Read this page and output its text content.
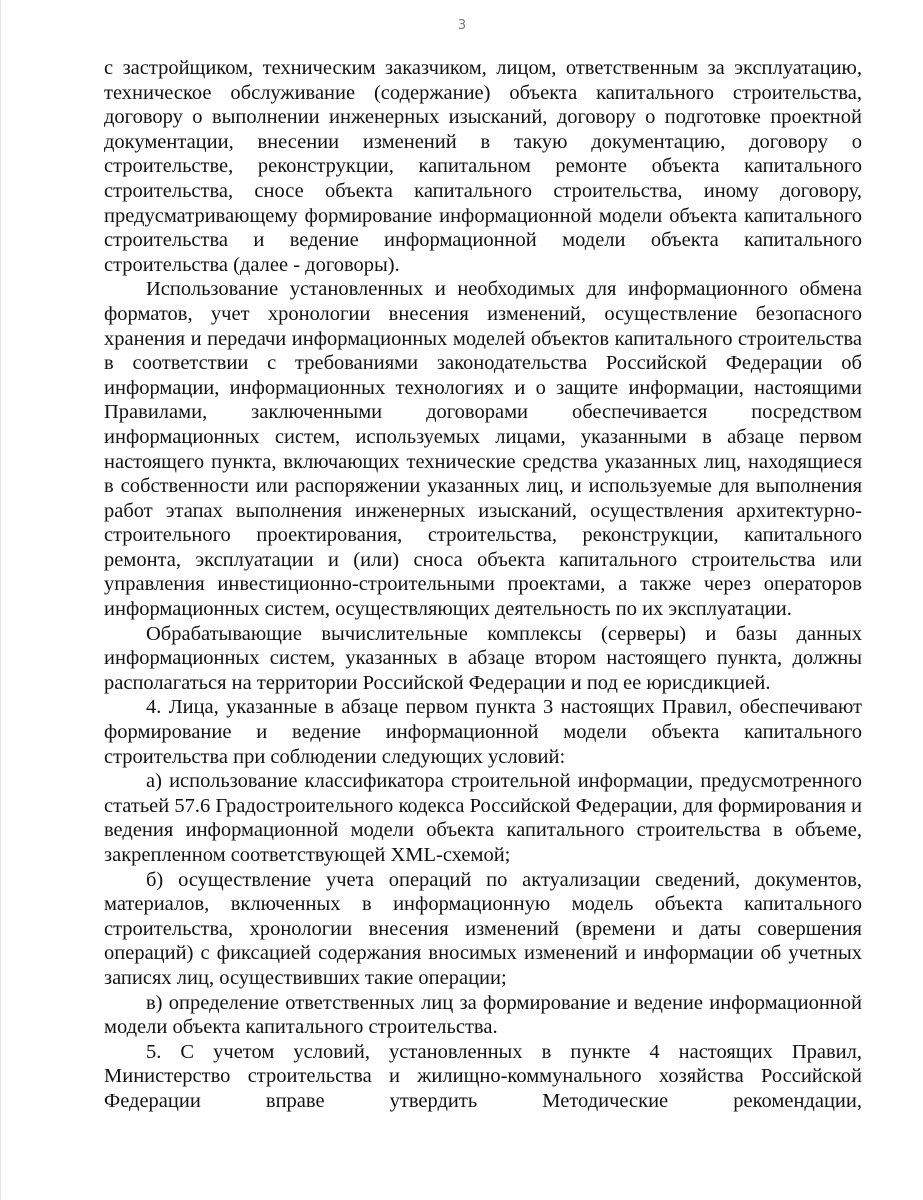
3

с застройщиком, техническим заказчиком, лицом, ответственным за эксплуатацию, техническое обслуживание (содержание) объекта капитального строительства, договору о выполнении инженерных изысканий, договору о подготовке проектной документации, внесении изменений в такую документацию, договору о строительстве, реконструкции, капитальном ремонте объекта капитального строительства, сносе объекта капитального строительства, иному договору, предусматривающему формирование информационной модели объекта капитального строительства и ведение информационной модели объекта капитального строительства (далее - договоры).

Использование установленных и необходимых для информационного обмена форматов, учет хронологии внесения изменений, осуществление безопасного хранения и передачи информационных моделей объектов капитального строительства в соответствии с требованиями законодательства Российской Федерации об информации, информационных технологиях и о защите информации, настоящими Правилами, заключенными договорами обеспечивается посредством информационных систем, используемых лицами, указанными в абзаце первом настоящего пункта, включающих технические средства указанных лиц, находящиеся в собственности или распоряжении указанных лиц, и используемые для выполнения работ этапах выполнения инженерных изысканий, осуществления архитектурно-строительного проектирования, строительства, реконструкции, капитального ремонта, эксплуатации и (или) сноса объекта капитального строительства или управления инвестиционно-строительными проектами, а также через операторов информационных систем, осуществляющих деятельность по их эксплуатации.

Обрабатывающие вычислительные комплексы (серверы) и базы данных информационных систем, указанных в абзаце втором настоящего пункта, должны располагаться на территории Российской Федерации и под ее юрисдикцией.

4. Лица, указанные в абзаце первом пункта 3 настоящих Правил, обеспечивают формирование и ведение информационной модели объекта капитального строительства при соблюдении следующих условий:

а) использование классификатора строительной информации, предусмотренного статьей 57.6 Градостроительного кодекса Российской Федерации, для формирования и ведения информационной модели объекта капитального строительства в объеме, закрепленном соответствующей XML-схемой;

б) осуществление учета операций по актуализации сведений, документов, материалов, включенных в информационную модель объекта капитального строительства, хронологии внесения изменений (времени и даты совершения операций) с фиксацией содержания вносимых изменений и информации об учетных записях лиц, осуществивших такие операции;

в) определение ответственных лиц за формирование и ведение информационной модели объекта капитального строительства.

5. С учетом условий, установленных в пункте 4 настоящих Правил, Министерство строительства и жилищно-коммунального хозяйства Российской Федерации вправе утвердить Методические рекомендации,
